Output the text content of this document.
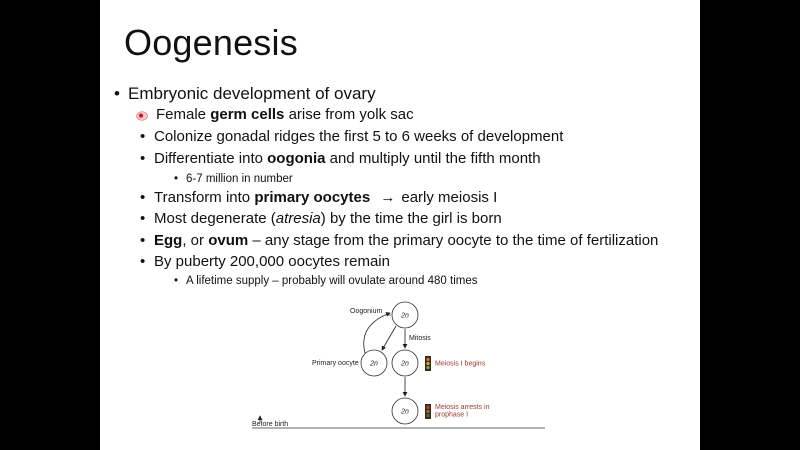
Oogenesis
• Embryonic development of ovary
Female germ cells arise from yolk sac
• Colonize gonadal ridges the first 5 to 6 weeks of development
• Differentiate into oogonia and multiply until the fifth month
• 6-7 million in number
• Transform into primary oocytes → early meiosis I
• Most degenerate (atresia) by the time the girl is born
• Egg, or ovum – any stage from the primary oocyte to the time of fertilization
• By puberty 200,000 oocytes remain
• A lifetime supply – probably will ovulate around 480 times
2n
2n	2n
2n
Oogonium
Mitosis
Primary oocyte	Meiosis I begins
Meiosis arrests in
prophase I
Before birth
